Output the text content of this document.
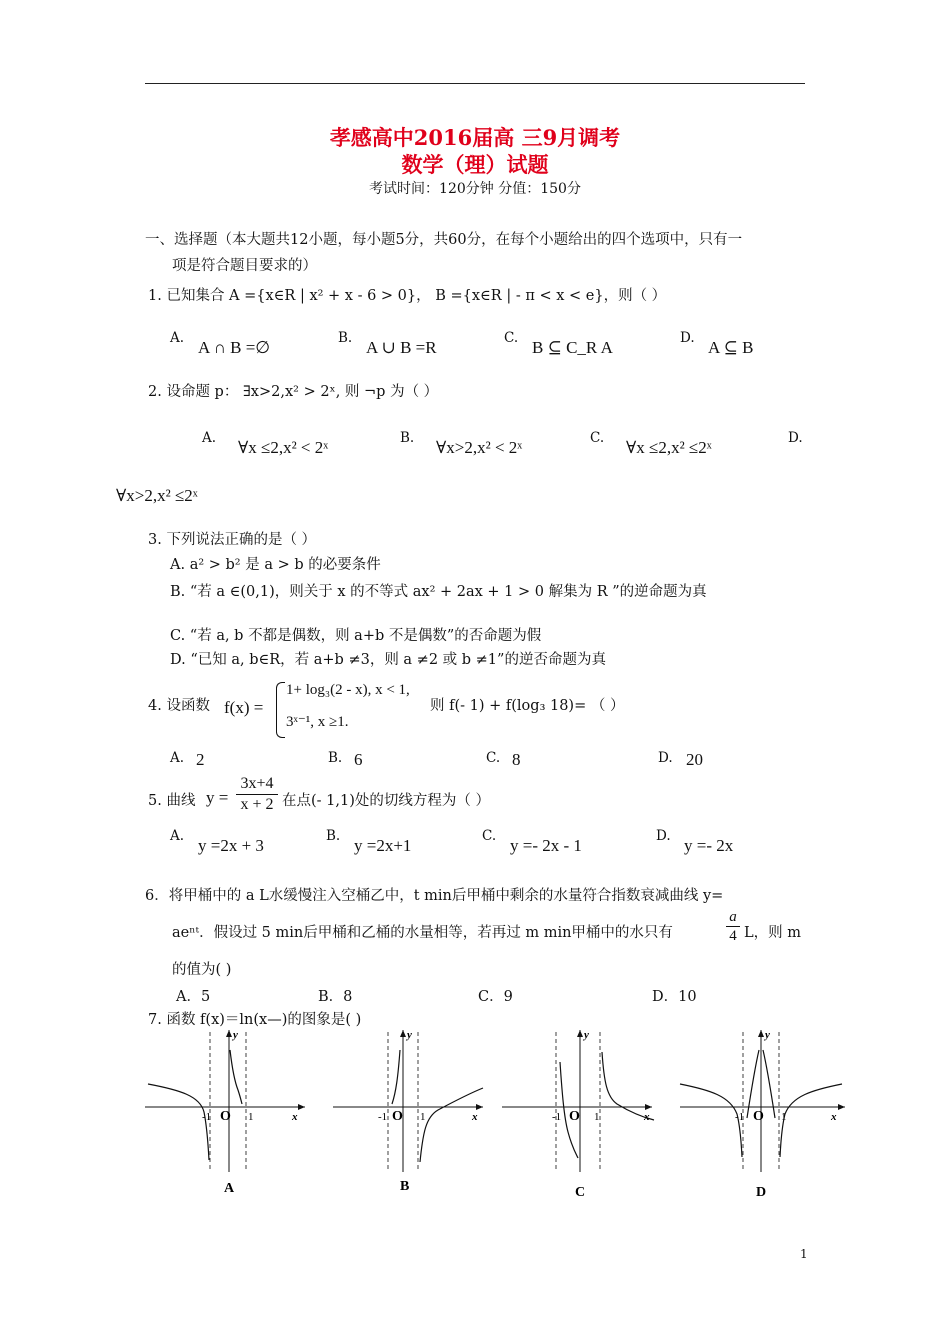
孝感高中2016届高 三9月调考
数学（理）试题
考试时间：120分钟 分值：150分
一、选择题（本大题共12小题，每小题5分，共60分，在每个小题给出的四个选项中，只有一
项是符合题目要求的）
1. 已知集合 A ={x∈R | x² + x - 6 > 0}， B ={x∈R | - π < x < e}，则（ ）
A. A ∩ B =∅	B. A ∪ B =R	C. B ⊆ C_R A	D. A ⊆ B
2. 设命题 p： ∃x>2,x² > 2ˣ, 则 ¬p 为（ ）
A. ∀x ≤2,x² < 2ˣ	B. ∀x>2,x² < 2ˣ	C. ∀x ≤2,x² ≤2ˣ	D.
∀x>2,x² ≤2ˣ
3. 下列说法正确的是（ ）
A. a² > b² 是 a > b 的必要条件
B. “若 a ∈(0,1)，则关于 x 的不等式 ax² + 2ax + 1 > 0 解集为 R ”的逆命题为真
C. “若 a, b 不都是偶数，则 a+b 不是偶数”的否命题为假
D. “已知 a, b∈R，若 a+b ≠3，则 a ≠2 或 b ≠1”的逆否命题为真
4. 设函数 f(x) =
1+ log₃(2 - x), x < 1,
3ˣ⁻¹, x ≥1.
则 f(- 1) + f(log₃ 18)= （ ）
A. 2	B. 6	C. 8	D. 20
5. 曲线 $y = \frac{3x+4}{x + 2}$ 在点(- 1,1)处的切线方程为（ ）
A. y =2x + 3	B. y =2x+1	C. y =- 2x - 1	D. y =- 2x
6．将甲桶中的 a L水缓慢注入空桶乙中，t min后甲桶中剩余的水量符合指数衰减曲线 y=
aeⁿᵗ．假设过 5 min后甲桶和乙桶的水量相等，若再过 m min甲桶中的水只有	$\frac{a}{4}$ L，则 m
的值为( )
A．5	B．8	C．9	D．10
7. 函数 f(x)＝ln(x—)的图象是( )
O
-1	1
y
x
A
O
-1	1
y
x
B
O
-1	1
y
x
C
O
-1	1
y
x
D
1
